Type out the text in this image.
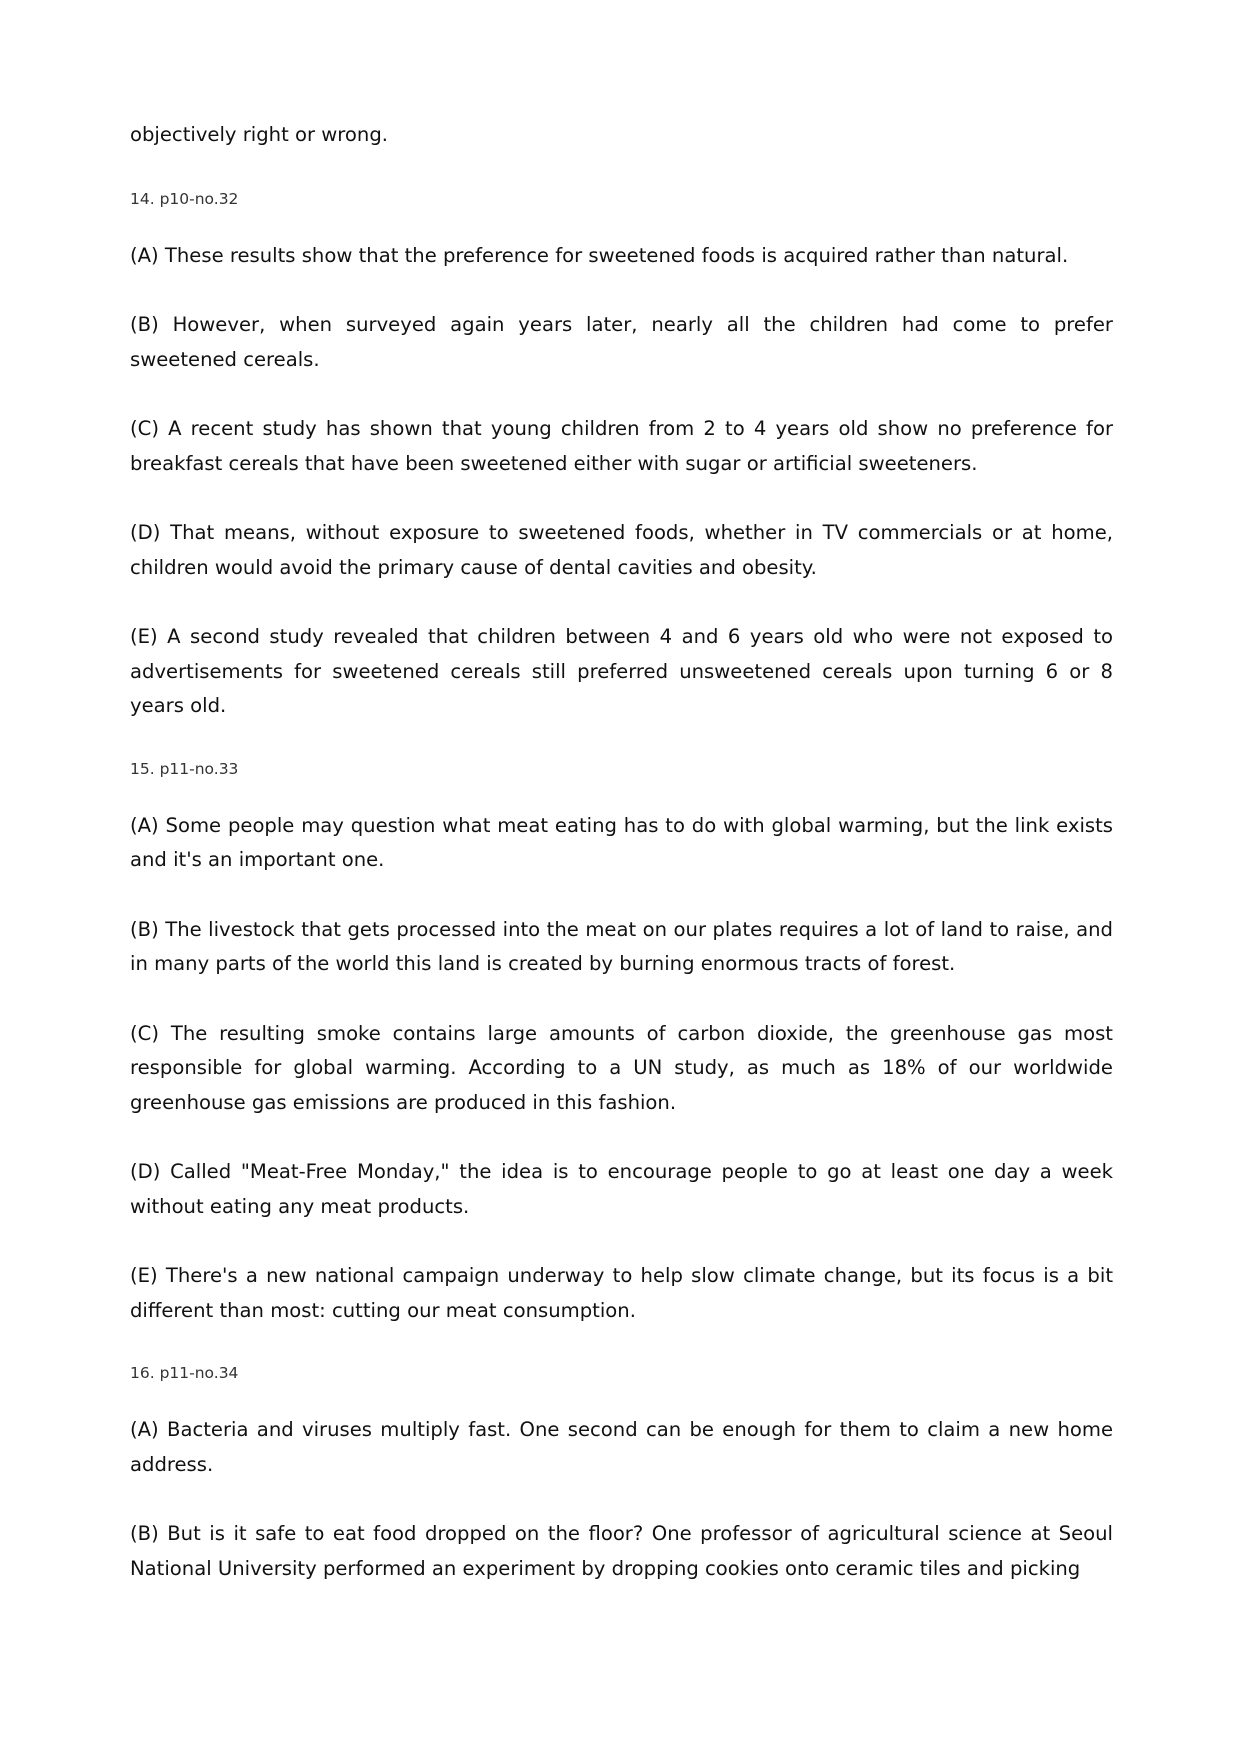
objectively right or wrong.

14. p10-no.32

(A) These results show that the preference for sweetened foods is acquired rather than natural.

(B) However, when surveyed again years later, nearly all the children had come to prefer sweetened cereals.

(C) A recent study has shown that young children from 2 to 4 years old show no preference for breakfast cereals that have been sweetened either with sugar or artificial sweeteners.

(D) That means, without exposure to sweetened foods, whether in TV commercials or at home, children would avoid the primary cause of dental cavities and obesity.

(E) A second study revealed that children between 4 and 6 years old who were not exposed to advertisements for sweetened cereals still preferred unsweetened cereals upon turning 6 or 8 years old.

15. p11-no.33

(A) Some people may question what meat eating has to do with global warming, but the link exists and it's an important one.

(B) The livestock that gets processed into the meat on our plates requires a lot of land to raise, and in many parts of the world this land is created by burning enormous tracts of forest.

(C) The resulting smoke contains large amounts of carbon dioxide, the greenhouse gas most responsible for global warming. According to a UN study, as much as 18% of our worldwide greenhouse gas emissions are produced in this fashion.

(D) Called "Meat-Free Monday," the idea is to encourage people to go at least one day a week without eating any meat products.

(E) There's a new national campaign underway to help slow climate change, but its focus is a bit different than most: cutting our meat consumption.

16. p11-no.34

(A) Bacteria and viruses multiply fast. One second can be enough for them to claim a new home address.

(B) But is it safe to eat food dropped on the floor? One professor of agricultural science at Seoul National University performed an experiment by dropping cookies onto ceramic tiles and picking
